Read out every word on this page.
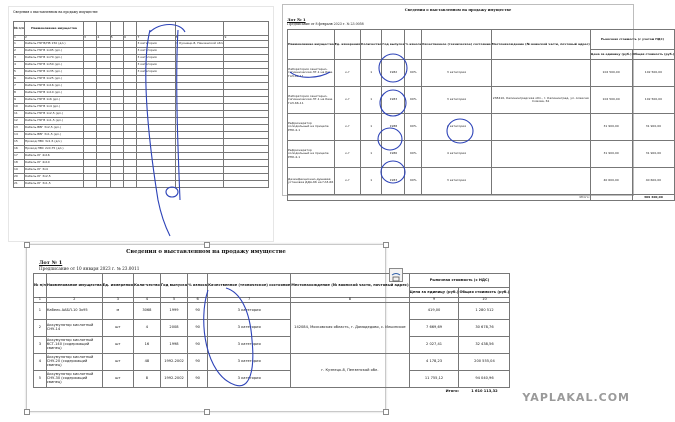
Сведения о выставленном на продажу имуществе
№ п/п	Наименование имущества							
1	2	3	4	5	6	7	8	9
1	Кабель ПУГВ/ПВ 150 (дл.)					3 категория	г. Кузнецк-8, Пензенской обл.	
2	Кабель ПУГВ 1х95 (дл.)					3 категория		
3	Кабель ПУГВ 1х70 (дл.)					3 категория		
4	Кабель ПУГВ 1х50 (дл.)					3 категория		
5	Кабель ПУГВ 1х35 (дл.)					3 категория		
6	Кабель ПУГВ 1х25 (дл.)							
7	Кабель ПУГВ 1х16 (дл.)							
8	Кабель ПУГВ 1х10 (дл.)							
9	Кабель ПУГВ 1х6 (дл.)							
10	Кабель ПУГВ 1х4 (дл.)							
11	Кабель ПУГВ 1х2,5 (дл.)							
12	Кабель ПУГВ 1х1,5 (дл.)							
13	Кабель ВВГ 3х2,5 (дл.)							
14	Кабель ВВГ 3х1,5 (дл.)							
15	Провод ПВС 3х1,5 (дл.)							
16	Провод ПВС 2х0,75 (дл.)							
17	Кабель КГ 4х16							
18	Кабель КГ 4х10							
19	Кабель КГ 3х4							
20	Кабель КГ 3х2,5							
21	Кабель КГ 3х1,5							
Сведения о выставленном на продажу имуществе
Лот № 1
Предписание от 8 февраля 2023 г. № 23.0058
Наименование имущества	Ед. измерения	Количество	Год выпуска	% износа	Качественное (техническое) состояние	Местонахождение (№ воинской части, почтовый адрес)	Рыночная стоимость (с учетом НДС)	
							Цена за единицу (руб.)	Общая стоимость (руб.)
Лаборатория санитарно-гигиеническая ЛГ-1 на базе ГАЗ-66-11	к-т	1	1982	90%	3 категория		102 500,00	102 500,00
Лаборатория санитарно-гигиеническая ЛГ-1 на базе ГАЗ-66-11	к-т	1	1983	90%	3 категория	238410, Калининградская обл., г. Калининград, ул. Алексея Сомова, 61	102 500,00	102 500,00
Рефрижератор холодильный на прицепе РПК-4-1	к-т	1	1988	90%	4 категория		31 900,00	31 900,00
Рефрижератор холодильный на прицепе РПК-4-1	к-т	1	1986	90%	4 категория		31 900,00	31 900,00
Дезинфекционно-душевая установка ДДА-66 на ГАЗ-66	к-т	1	1983	90%	3 категория		40 600,00	40 600,00
Итого:								309 400,00
Сведения о выставленном на продажу имуществе
Лот № 1
Предписание от 10 января 2023 г. № 23.0011
№ п/п	Наименование имущества	Ед. измерения	Коли-чество	Год выпуска	% износа	Качественное (техническое) состояние	Местонахождение (№ воинской части, почтовый адрес)	Рыночная стоимость (с НДС)	
								Цена за единицу (руб.)	Общая стоимость (руб.)
1	2	3	4	5	6	7	8	9	10
1	Кабель ААБЛ-10 3х95	м	3068	1999	90	3 категория	142084, Московская область, г. Домодедово, с. Ильинское	419,00	1 280 512
2	Аккумулятор кислотный СНУ-14	шт	4	2008	90	3 категория		7 669,69	30 678,76
3	Аккумулятор кислотный 6СТ-140 (содержащий свинец)	шт	16	1998	90	3 категория		2 027,41	32 438,56
4	Аккумулятор кислотный СНУ-20 (содержащий свинец)	шт	48	1992-2002	90	3 категория	г. Кузнецк-8, Пензенской обл.	4 178,23	200 555,04
5	Аккумулятор кислотный СНУ-30 (содержащий свинец)	шт	8	1992-2002	90	3 категория		11 755,12	94 040,96
Итого:									1 610 113,32
YAPLAKAL.COM
